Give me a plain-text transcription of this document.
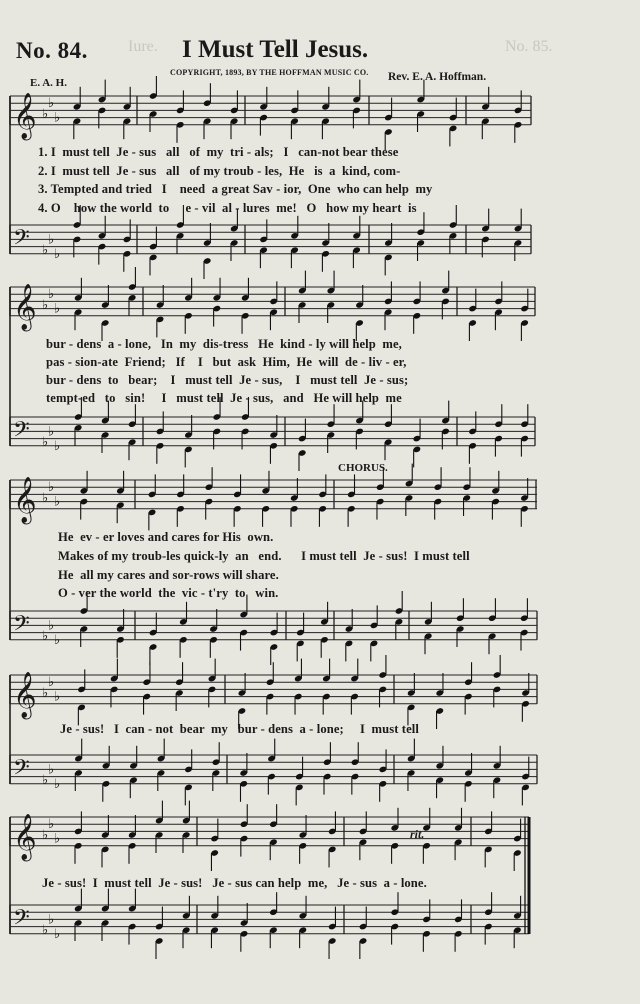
𝄞 ♭
♭
♭
𝄢 ♭
♭
♭
𝄞 ♭
♭
♭
𝄢 ♭
♭
♭
𝄞 ♭
♭
♭
𝄢 ♭
♭
♭
𝄞 ♭
♭
♭
𝄢 ♭
♭
♭
𝄞 ♭
♭
♭
𝄢 ♭
♭
♭
Iure.	No. 85.
No. 84.	I Must Tell Jesus.
COPYRIGHT, 1893, BY THE HOFFMAN MUSIC CO.
E. A. H.	Rev. E. A. Hoffman.
1. I  must tell  Je - sus   all   of  my  tri - als;   I   can-not bear these
2. I  must tell  Je - sus   all   of my troub - les,  He   is  a  kind, com-
3. Tempted and tried   I    need  a great Sav - ior,  One  who can help  my
4. O    how the world  to     e - vil  al - lures  me!   O   how my heart  is
bur - dens  a - lone,   In  my  dis-tress   He  kind - ly will help  me,
pas - sion-ate  Friend;   If    I   but  ask  Him,  He  will  de - liv - er,
bur - dens  to   bear;    I   must tell  Je - sus,    I   must tell  Je - sus;
tempt-ed   to   sin!     I   must tell  Je - sus,   and   He will help  me
CHORUS.
He  ev - er loves and cares for His  own.
Makes of my troub-les quick-ly  an   end.      I must tell  Je - sus!  I must tell
He  all my cares and sor-rows will share.
O - ver the world  the  vic - t'ry  to   win.
Je - sus!   I  can - not  bear  my   bur - dens  a - lone;     I  must tell
rit.
Je - sus!  I  must tell  Je - sus!   Je - sus can help  me,   Je - sus  a - lone.
